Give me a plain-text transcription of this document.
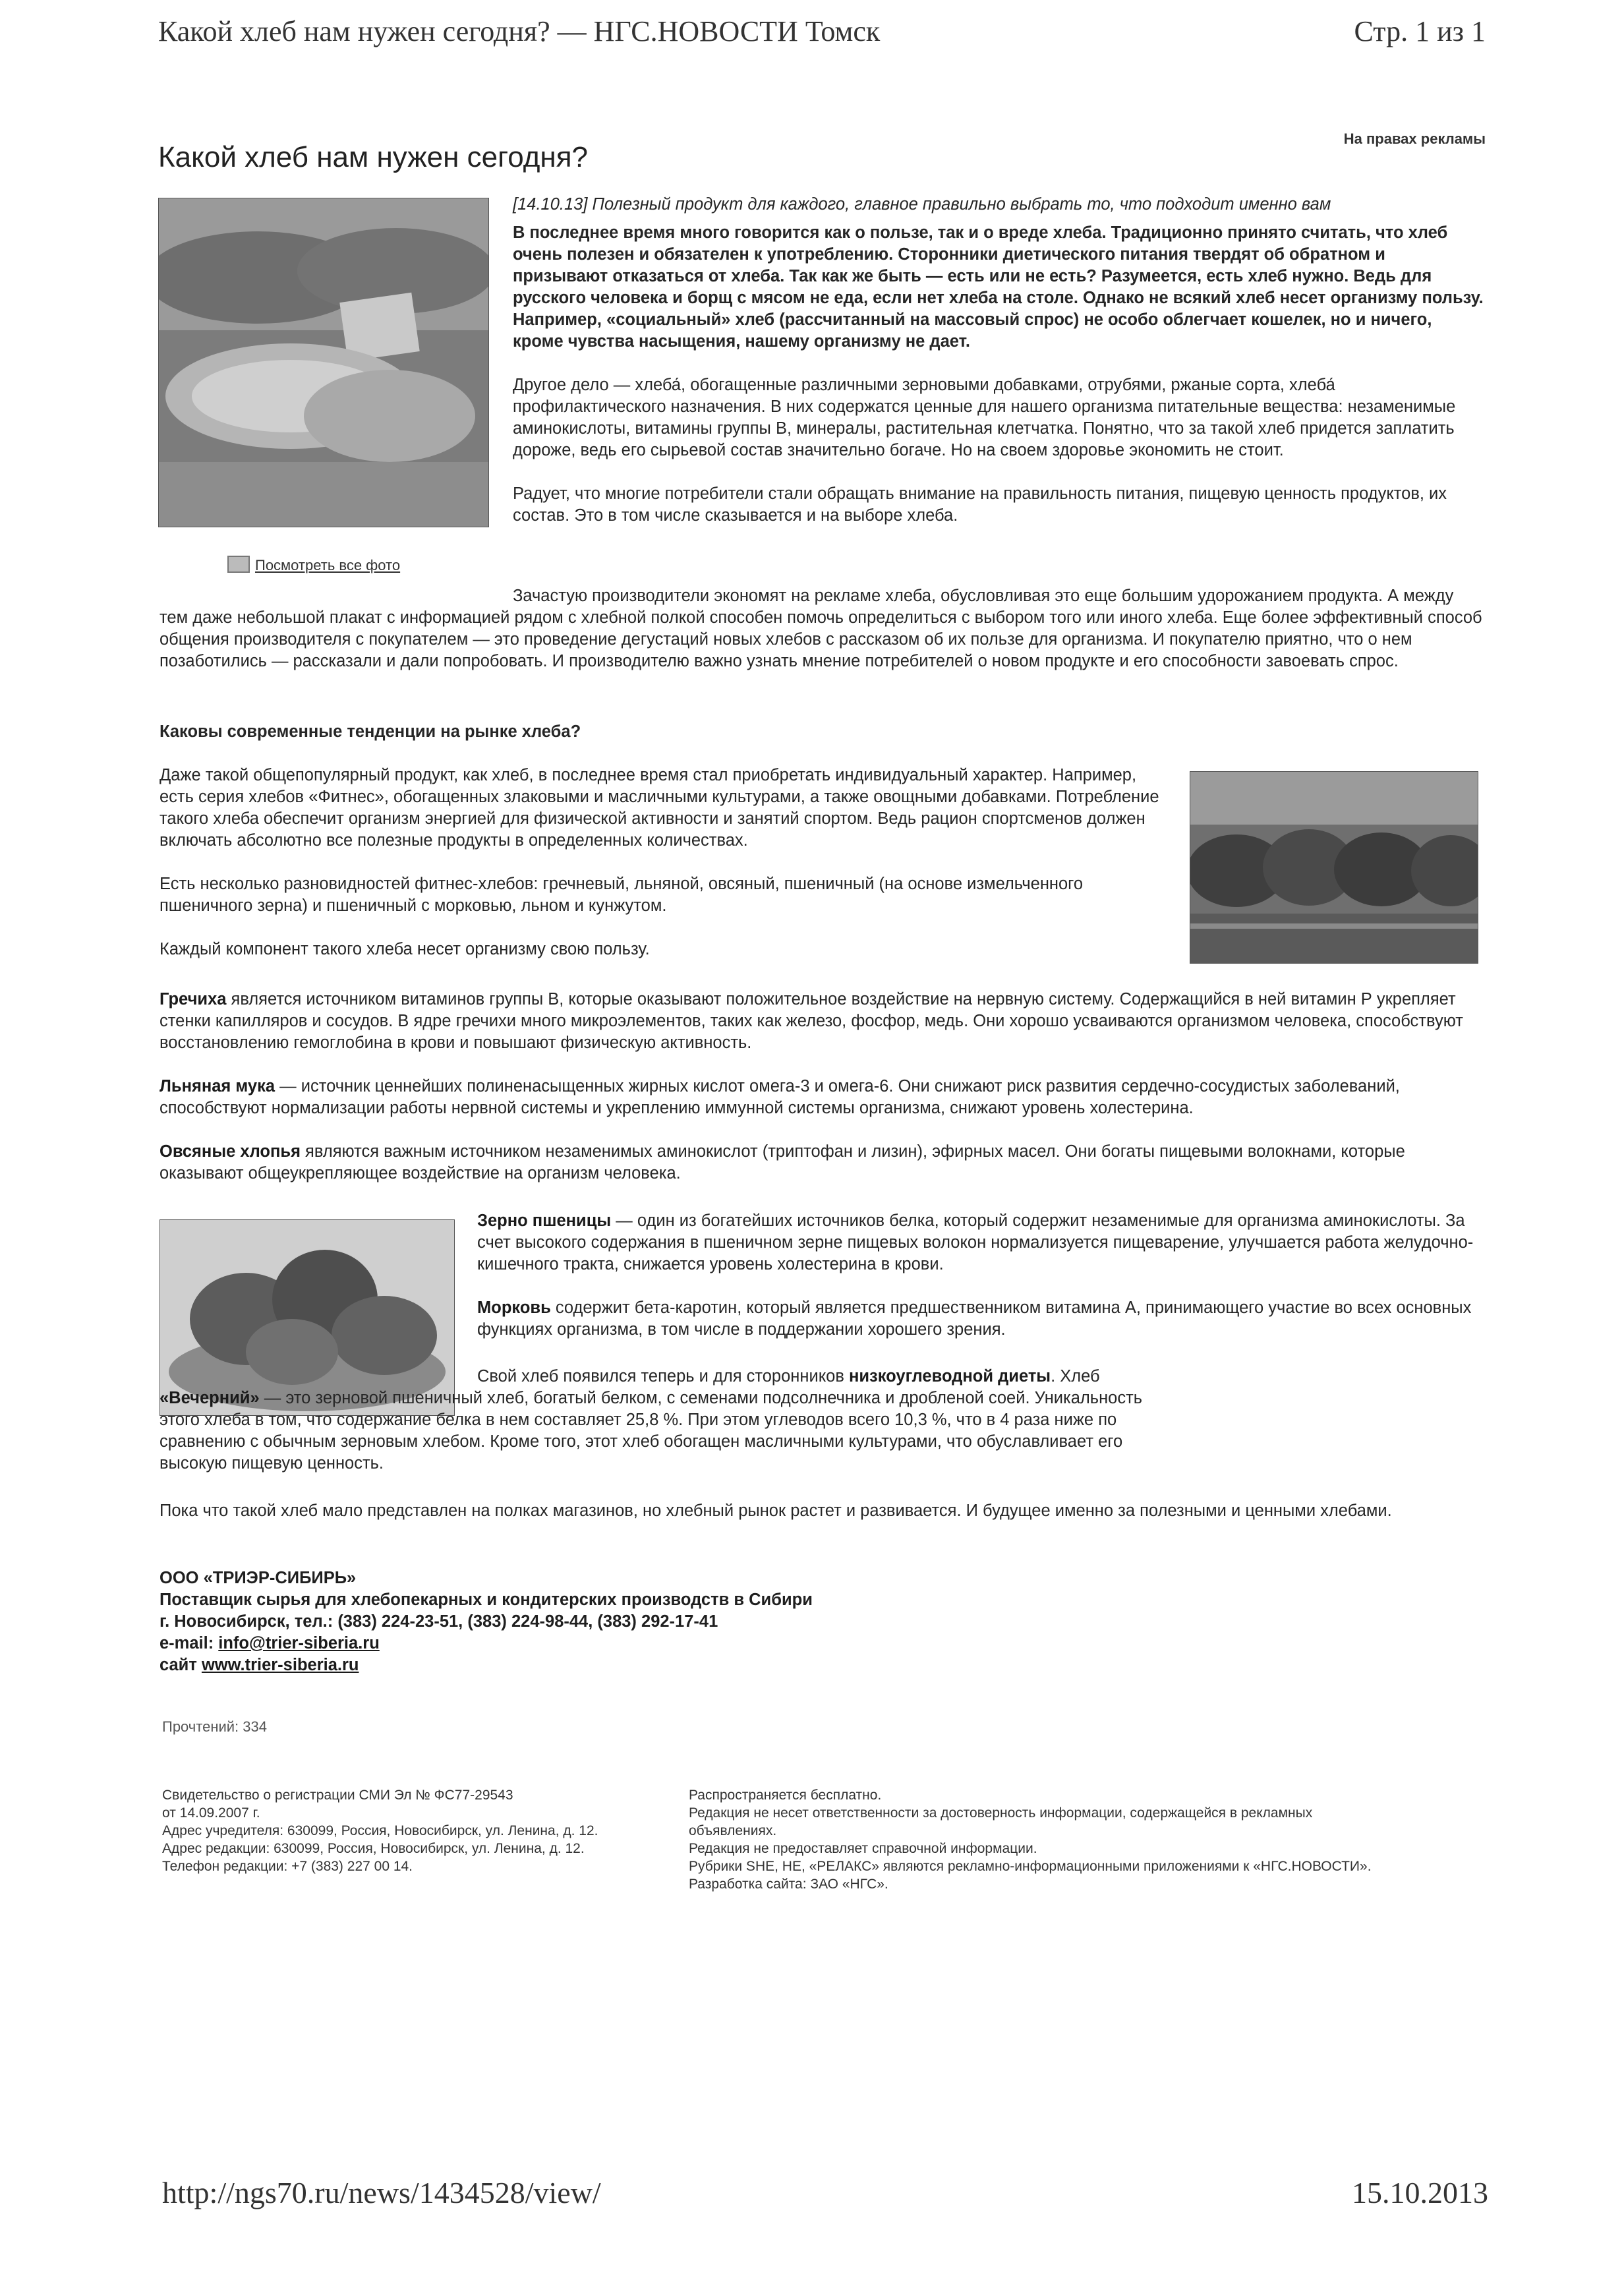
Какой хлеб нам нужен сегодня? — НГС.НОВОСТИ Томск	Стр. 1 из 1
На правах рекламы
Какой хлеб нам нужен сегодня?
Посмотреть все фото

[14.10.13] Полезный продукт для каждого, главное правильно выбрать то, что подходит именно вам

В последнее время много говорится как о пользе, так и о вреде хлеба. Традиционно принято считать, что хлеб очень полезен и обязателен к употреблению. Сторонники диетического питания твердят об обратном и призывают отказаться от хлеба. Так как же быть — есть или не есть? Разумеется, есть хлеб нужно. Ведь для русского человека и борщ с мясом не еда, если нет хлеба на столе. Однако не всякий хлеб несет организму пользу. Например, «социальный» хлеб (рассчитанный на массовый спрос) не особо облегчает кошелек, но и ничего, кроме чувства насыщения, нашему организму не дает.

Другое дело — хлеба́, обогащенные различными зерновыми добавками, отрубями, ржаные сорта, хлеба́ профилактического назначения. В них содержатся ценные для нашего организма питательные вещества: незаменимые аминокислоты, витамины группы В, минералы, растительная клетчатка. Понятно, что за такой хлеб придется заплатить дороже, ведь его сырьевой состав значительно богаче. Но на своем здоровье экономить не стоит.

Радует, что многие потребители стали обращать внимание на правильность питания, пищевую ценность продуктов, их состав. Это в том числе сказывается и на выборе хлеба.

Зачастую производители экономят на рекламе хлеба, обусловливая это еще большим удорожанием продукта. А между тем даже небольшой плакат с информацией рядом с хлебной полкой способен помочь определиться с выбором того или иного хлеба. Еще более эффективный способ общения производителя с покупателем — это проведение дегустаций новых хлебов с рассказом об их пользе для организма. И покупателю приятно, что о нем позаботились — рассказали и дали попробовать. И производителю важно узнать мнение потребителей о новом продукте и его способности завоевать спрос.

Каковы современные тенденции на рынке хлеба?

Даже такой общепопулярный продукт, как хлеб, в последнее время стал приобретать индивидуальный характер. Например, есть серия хлебов «Фитнес», обогащенных злаковыми и масличными культурами, а также овощными добавками. Потребление такого хлеба обеспечит организм энергией для физической активности и занятий спортом. Ведь рацион спортсменов должен включать абсолютно все полезные продукты в определенных количествах.

Есть несколько разновидностей фитнес-хлебов: гречневый, льняной, овсяный, пшеничный (на основе измельченного пшеничного зерна) и пшеничный с морковью, льном и кунжутом.

Каждый компонент такого хлеба несет организму свою пользу.

Гречиха является источником витаминов группы В, которые оказывают положительное воздействие на нервную систему. Содержащийся в ней витамин Р укрепляет стенки капилляров и сосудов. В ядре гречихи много микроэлементов, таких как железо, фосфор, медь. Они хорошо усваиваются организмом человека, способствуют восстановлению гемоглобина в крови и повышают физическую активность.

Льняная мука — источник ценнейших полиненасыщенных жирных кислот омега-3 и омега-6. Они снижают риск развития сердечно-сосудистых заболеваний, способствуют нормализации работы нервной системы и укреплению иммунной системы организма, снижают уровень холестерина.

Овсяные хлопья являются важным источником незаменимых аминокислот (триптофан и лизин), эфирных масел. Они богаты пищевыми волокнами, которые оказывают общеукрепляющее воздействие на организм человека.

Зерно пшеницы — один из богатейших источников белка, который содержит незаменимые для организма аминокислоты. За счет высокого содержания в пшеничном зерне пищевых волокон нормализуется пищеварение, улучшается работа желудочно-кишечного тракта, снижается уровень холестерина в крови.

Морковь содержит бета-каротин, который является предшественником витамина А, принимающего участие во всех основных функциях организма, в том числе в поддержании хорошего зрения.

Свой хлеб появился теперь и для сторонников низкоуглеводной диеты. Хлеб «Вечерний» — это зерновой пшеничный хлеб, богатый белком, с семенами подсолнечника и дробленой соей. Уникальность этого хлеба в том, что содержание белка в нем составляет 25,8 %. При этом углеводов всего 10,3 %, что в 4 раза ниже по сравнению с обычным зерновым хлебом. Кроме того, этот хлеб обогащен масличными культурами, что обуславливает его высокую пищевую ценность.

Пока что такой хлеб мало представлен на полках магазинов, но хлебный рынок растет и развивается. И будущее именно за полезными и ценными хлебами.

ООО «ТРИЭР-СИБИРЬ»
Поставщик сырья для хлебопекарных и кондитерских производств в Сибири
г. Новосибирск, тел.: (383) 224-23-51, (383) 224-98-44, (383) 292-17-41
e-mail: info@trier-siberia.ru
сайт www.trier-siberia.ru
Прочтений: 334
Свидетельство о регистрации СМИ Эл № ФС77-29543
от 14.09.2007 г.
Адрес учредителя: 630099, Россия, Новосибирск, ул. Ленина, д. 12.
Адрес редакции: 630099, Россия, Новосибирск, ул. Ленина, д. 12.
Телефон редакции: +7 (383) 227 00 14.
Распространяется бесплатно.
Редакция не несет ответственности за достоверность информации, содержащейся в рекламных
объявлениях.
Редакция не предоставляет справочной информации.
Рубрики SHE, HE, «РЕЛАКС» являются рекламно-информационными приложениями к «НГС.НОВОСТИ».
Разработка сайта: ЗАО «НГС».
http://ngs70.ru/news/1434528/view/	15.10.2013
